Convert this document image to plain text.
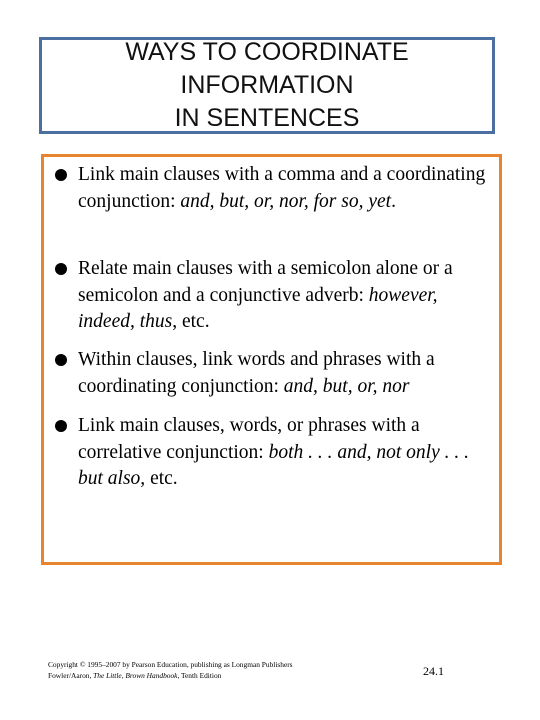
WAYS TO COORDINATE
INFORMATION
IN SENTENCES
Link main clauses with a comma and a coordinating conjunction: and, but, or, nor, for so, yet.
Relate main clauses with a semicolon alone or a semicolon and a conjunctive adverb: however, indeed, thus, etc.
Within clauses, link words and phrases with a coordinating conjunction: and, but, or, nor
Link main clauses, words, or phrases with a correlative conjunction: both . . . and, not only . . . but also, etc.
Copyright © 1995–2007 by Pearson Education, publishing as Longman Publishers
Fowler/Aaron, The Little, Brown Handbook, Tenth Edition	24.1
